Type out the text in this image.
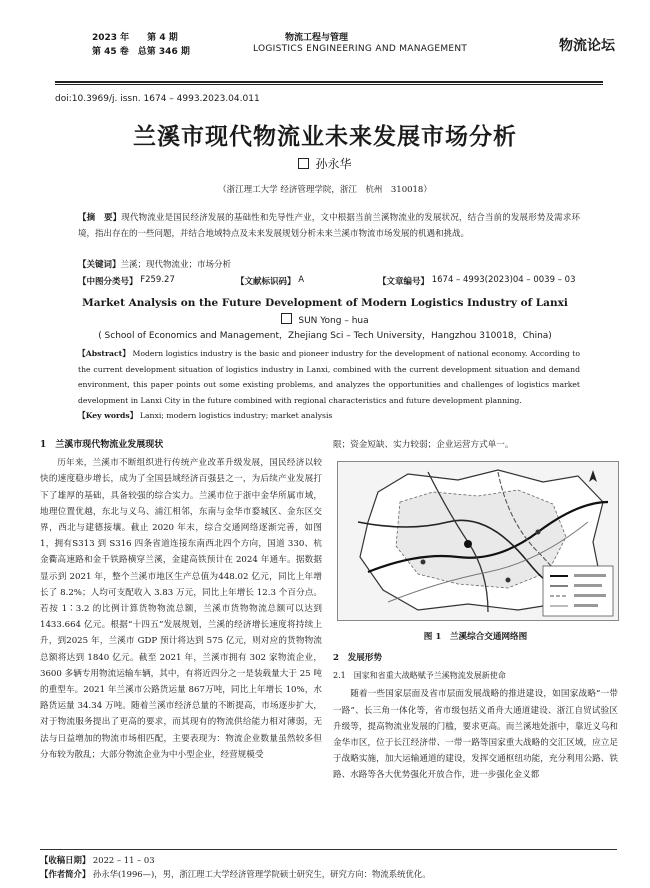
2023 年　　第 4 期
第 45 卷　总第 346 期
物流工程与管理
LOGISTICS ENGINEERING AND MANAGEMENT	物流论坛
doi:10.3969/j. issn. 1674 – 4993.2023.04.011
兰溪市现代物流业未来发展市场分析
孙永华
（浙江理工大学 经济管理学院，浙江　杭州　310018）
【摘　要】现代物流业是国民经济发展的基础性和先导性产业，文中根据当前兰溪物流业的发展状况，结合当前的发展形势及需求环境，指出存在的一些问题，并结合地域特点及未来发展规划分析未来兰溪市物流市场发展的机遇和挑战。
【关键词】兰溪；现代物流业；市场分析
【中图分类号】 F259.27	【文献标识码】 A	【文章编号】 1674 – 4993(2023)04 – 0039 – 03
Market Analysis on the Future Development of Modern Logistics Industry of Lanxi
SUN Yong – hua
( School of Economics and Management，Zhejiang Sci – Tech University，Hangzhou 310018，China)
【Abstract】 Modern logistics industry is the basic and pioneer industry for the development of national economy. According to the current development situation of logistics industry in Lanxi, combined with the current development situation and demand environment, this paper points out some existing problems, and analyzes the opportunities and challenges of logistics market development in Lanxi City in the future combined with regional characteristics and future development planning.
【Key words】 Lanxi; modern logistics industry; market analysis
1　兰溪市现代物流业发展现状

历年来，兰溪市不断组织进行传统产业改革升级发展，国民经济以较快的速度稳步增长，成为了全国县域经济百强县之一，为后续产业发展打下了雄厚的基础，具备较强的综合实力。兰溪市位于浙中金华所属市域，地理位置优越，东北与义乌、浦江相邻，东南与金华市婺城区、金东区交界，西北与建德接壤。截止 2020 年末，综合交通网络逐渐完善，如图 1，拥有S313 到 S316 四条省道连接东南西北四个方向，国道 330、杭金衢高速路和金千铁路横穿兰溪，金建高铁预计在 2024 年通车。据数据显示到 2021 年，整个兰溪市地区生产总值为448.02 亿元，同比上年增长了 8.2%；人均可支配收入 3.83 万元，同比上年增长 12.3 个百分点。若按 1∶3.2 的比例计算货物物流总额，兰溪市货物物流总额可以达到 1433.664 亿元。根据“十四五”发展规划，兰溪的经济增长速度将持续上升，到2025 年，兰溪市 GDP 预计将达到 575 亿元，则对应的货物物流总额将达到 1840 亿元。截至 2021 年，兰溪市拥有 302 家物流企业，3600 多辆专用物流运输车辆，其中，有将近四分之一是装载量大于 25 吨的重型车。2021 年兰溪市公路货运量 867万吨，同比上年增长 10%，水路货运量 34.34 万吨。随着兰溪市经济总量的不断提高，市场逐步扩大，对于物流服务提出了更高的要求，而其现有的物流供给能力相对薄弱，无法与日益增加的物流市场相匹配，主要表现为：物流企业数量虽然较多但分布较为散乱；大部分物流企业为中小型企业，经营规模受

限；资金短缺、实力较弱；企业运营方式单一。
图 1　兰溪综合交通网络图
2　发展形势
2.1　国家和省重大战略赋予兰溪物流发展新使命

随着一些国家层面及省市层面发展战略的推进建设，如国家战略“一带一路”、长三角一体化等，省市级包括义甬舟大通道建设、浙江自贸试验区升级等，提高物流业发展的门槛，要求更高。而兰溪地处浙中，靠近义乌和金华市区，位于长江经济带、一带一路等国家重大战略的交汇区域，应立足于战略实施，加大运输通道的建设，发挥交通枢纽功能，充分利用公路、铁路、水路等各大优势强化开放合作，进一步强化金义都

【收稿日期】 2022 – 11 – 03
【作者简介】 孙永华(1996—)，男，浙江理工大学经济管理学院硕士研究生，研究方向：物流系统优化。
